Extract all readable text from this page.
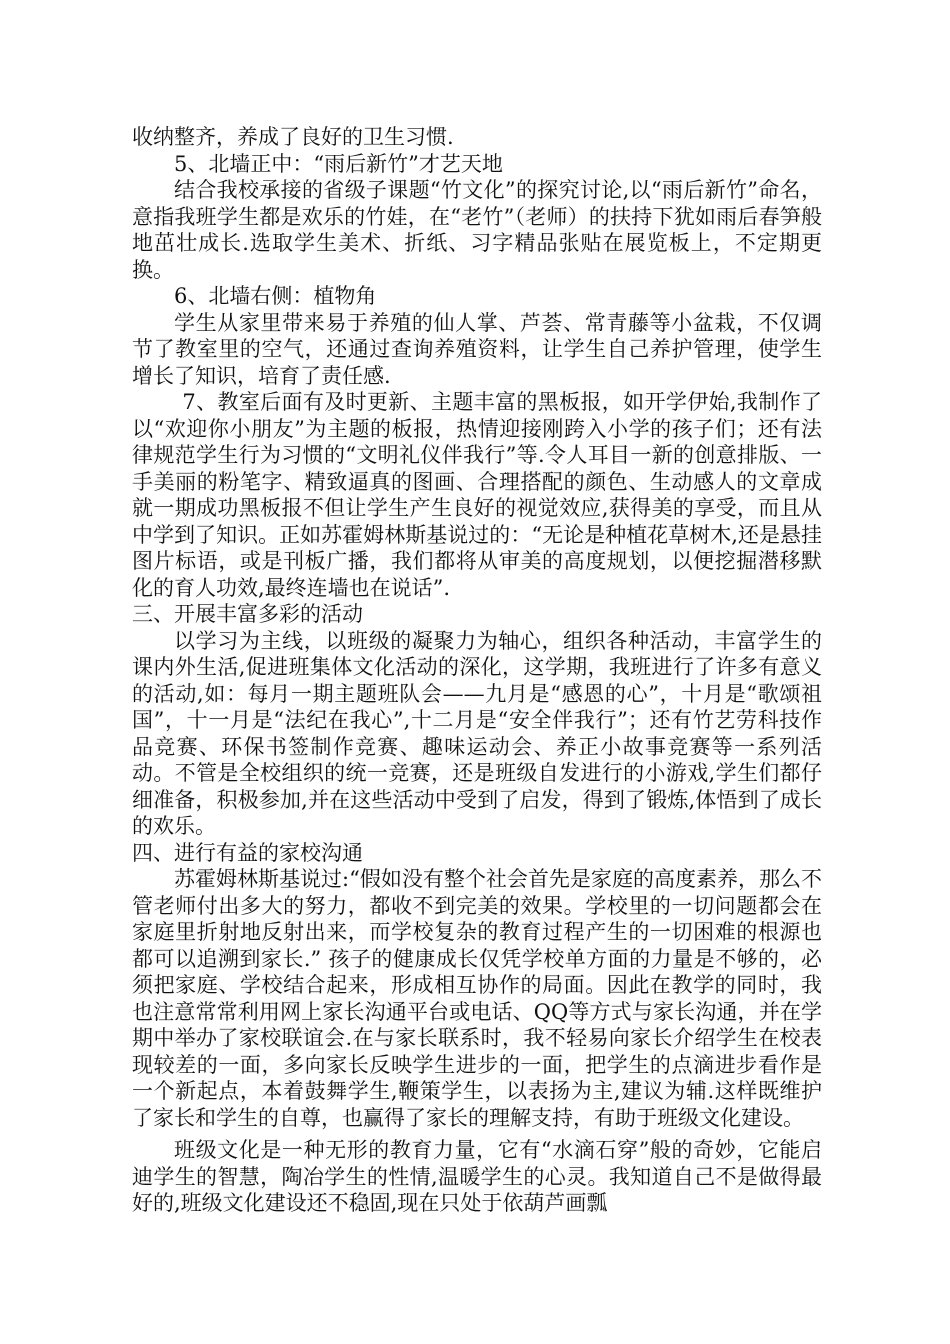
收纳整齐，养成了良好的卫生习惯.

5、北墙正中：“雨后新竹”才艺天地

结合我校承接的省级子课题“竹文化”的探究讨论,以“雨后新竹”命名，意指我班学生都是欢乐的竹娃，在“老竹”（老师）的扶持下犹如雨后春笋般地茁壮成长.选取学生美术、折纸、习字精品张贴在展览板上，不定期更换。

6、北墙右侧：植物角

学生从家里带来易于养殖的仙人掌、芦荟、常青藤等小盆栽，不仅调节了教室里的空气，还通过查询养殖资料，让学生自己养护管理，使学生增长了知识，培育了责任感.

7、教室后面有及时更新、主题丰富的黑板报，如开学伊始,我制作了以“欢迎你小朋友”为主题的板报，热情迎接刚跨入小学的孩子们；还有法律规范学生行为习惯的“文明礼仪伴我行”等.令人耳目一新的创意排版、一手美丽的粉笔字、精致逼真的图画、合理搭配的颜色、生动感人的文章成就一期成功黑板报不但让学生产生良好的视觉效应,获得美的享受，而且从中学到了知识。正如苏霍姆林斯基说过的：“无论是种植花草树木,还是悬挂图片标语，或是刊板广播，我们都将从审美的高度规划，以便挖掘潜移默化的育人功效,最终连墙也在说话”.

三、开展丰富多彩的活动

以学习为主线，以班级的凝聚力为轴心，组织各种活动，丰富学生的课内外生活,促进班集体文化活动的深化，这学期，我班进行了许多有意义的活动,如：每月一期主题班队会——九月是“感恩的心”，十月是“歌颂祖国”，十一月是“法纪在我心”,十二月是“安全伴我行”；还有竹艺劳科技作品竞赛、环保书签制作竞赛、趣味运动会、养正小故事竞赛等一系列活动。不管是全校组织的统一竞赛，还是班级自发进行的小游戏,学生们都仔细准备，积极参加,并在这些活动中受到了启发，得到了锻炼,体悟到了成长的欢乐。

四、进行有益的家校沟通

苏霍姆林斯基说过:“假如没有整个社会首先是家庭的高度素养，那么不管老师付出多大的努力，都收不到完美的效果。学校里的一切问题都会在家庭里折射地反射出来，而学校复杂的教育过程产生的一切困难的根源也都可以追溯到家长.” 孩子的健康成长仅凭学校单方面的力量是不够的，必须把家庭、学校结合起来，形成相互协作的局面。因此在教学的同时，我也注意常常利用网上家长沟通平台或电话、QQ等方式与家长沟通，并在学期中举办了家校联谊会.在与家长联系时，我不轻易向家长介绍学生在校表现较差的一面，多向家长反映学生进步的一面，把学生的点滴进步看作是一个新起点，本着鼓舞学生,鞭策学生，以表扬为主,建议为辅.这样既维护了家长和学生的自尊，也赢得了家长的理解支持，有助于班级文化建设。

班级文化是一种无形的教育力量，它有“水滴石穿”般的奇妙，它能启迪学生的智慧，陶冶学生的性情,温暖学生的心灵。我知道自己不是做得最好的,班级文化建设还不稳固,现在只处于依葫芦画瓢
